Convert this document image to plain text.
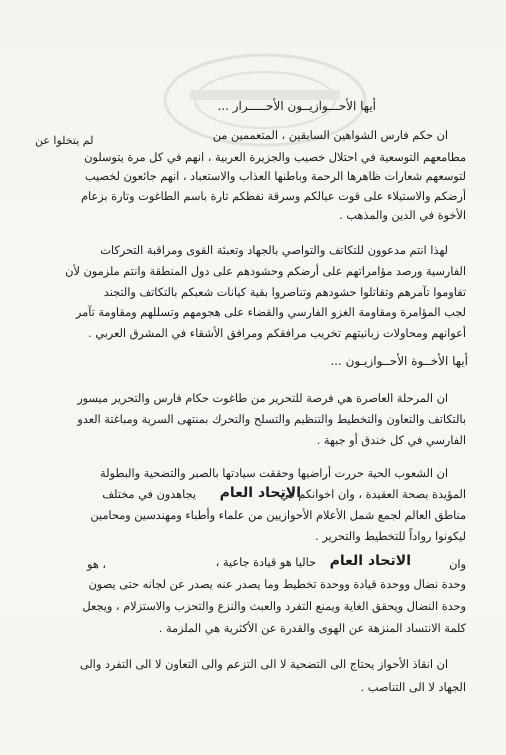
أيها الأحـــوازيــون الأحـــــرار ...
ان حكم فارس الشواهين السابقين ، المتعممين من
لم يتخلوا عن
مطامعهم التوسعية في احتلال خصيب والجزيرة العربية ، انهم في كل مرة يتوسلون
لتوسعهم شعارات ظاهرها الرحمة وباطنها العذاب والاستعباد ، انهم جائعون لخصيب
أرضكم والاستيلاء على قوت عيالكم وسرقة نفطكم تارة باسم الطاغوت وتارة بزعام
الأخوة في الدين والمذهب .
لهذا انتم مدعوون للتكاتف والتواصي بالجهاد وتعبئة القوى ومراقبة التحركات
الفارسية ورصد مؤامراتهم على أرضكم وحشودهم على دول المنطقة وانتم ملزمون لأن
تفاوموا تآمرهم وتقاتلوا حشودهم وتناصروا بقية كيانات شعبكم بالتكاتف والتجند
لجب المؤامرة ومقاومة الغزو الفارسي والقضاء على هجومهم وتسللهم ومقاومة تآمر
أعوانهم ومحاولات زبانيتهم تخريب مرافقكم ومرافق الأشقاء في المشرق العربي .
أيها الأخــوة الأحــوازيـون ...
ان المرحلة العاصرة هي فرصة للتحرير من طاغوت حكام فارس والتحرير ميسور
بالتكاتف والتعاون والتخطيط والتنظيم والتسلح والتحرك بمنتهى السرية ومباغتة العدو
الفارسي في كل خندق أو جبهة .
ان الشعوب الحية حررت أراضيها وحققت سيادتها بالصبر والتضحية والبطولة
المؤيدة بصحة العقيدة ، وان اخوانكم في
الاتحاد العام
يجاهدون في مختلف
مناطق العالم لجمع شمل الأعلام الأحوازيين من علماء وأطباء ومهندسين ومحامين
ليكونوا رواداً للتخطيط والتحرير .
وان
الاتحاد العام
حاليا هو قيادة جاعية ،
، هو
وحدة نضال ووحدة قيادة ووحدة تخطيط وما يصدر عنه يصدر عن لجانه حتى يصون
وحدة النضال ويحقق الغاية ويمنع التفرد والعبث والنزع والتحزب والاستزلام ، ويجعل
كلمة الانتساد المنزهة عن الهوى والقدرة عن الأكثرية هي الملزمة .
ان انقاذ الأحواز يحتاج الى التضحية لا الى التزعم والى التعاون لا الى التفرد والى
الجهاد لا الى التناصب .
